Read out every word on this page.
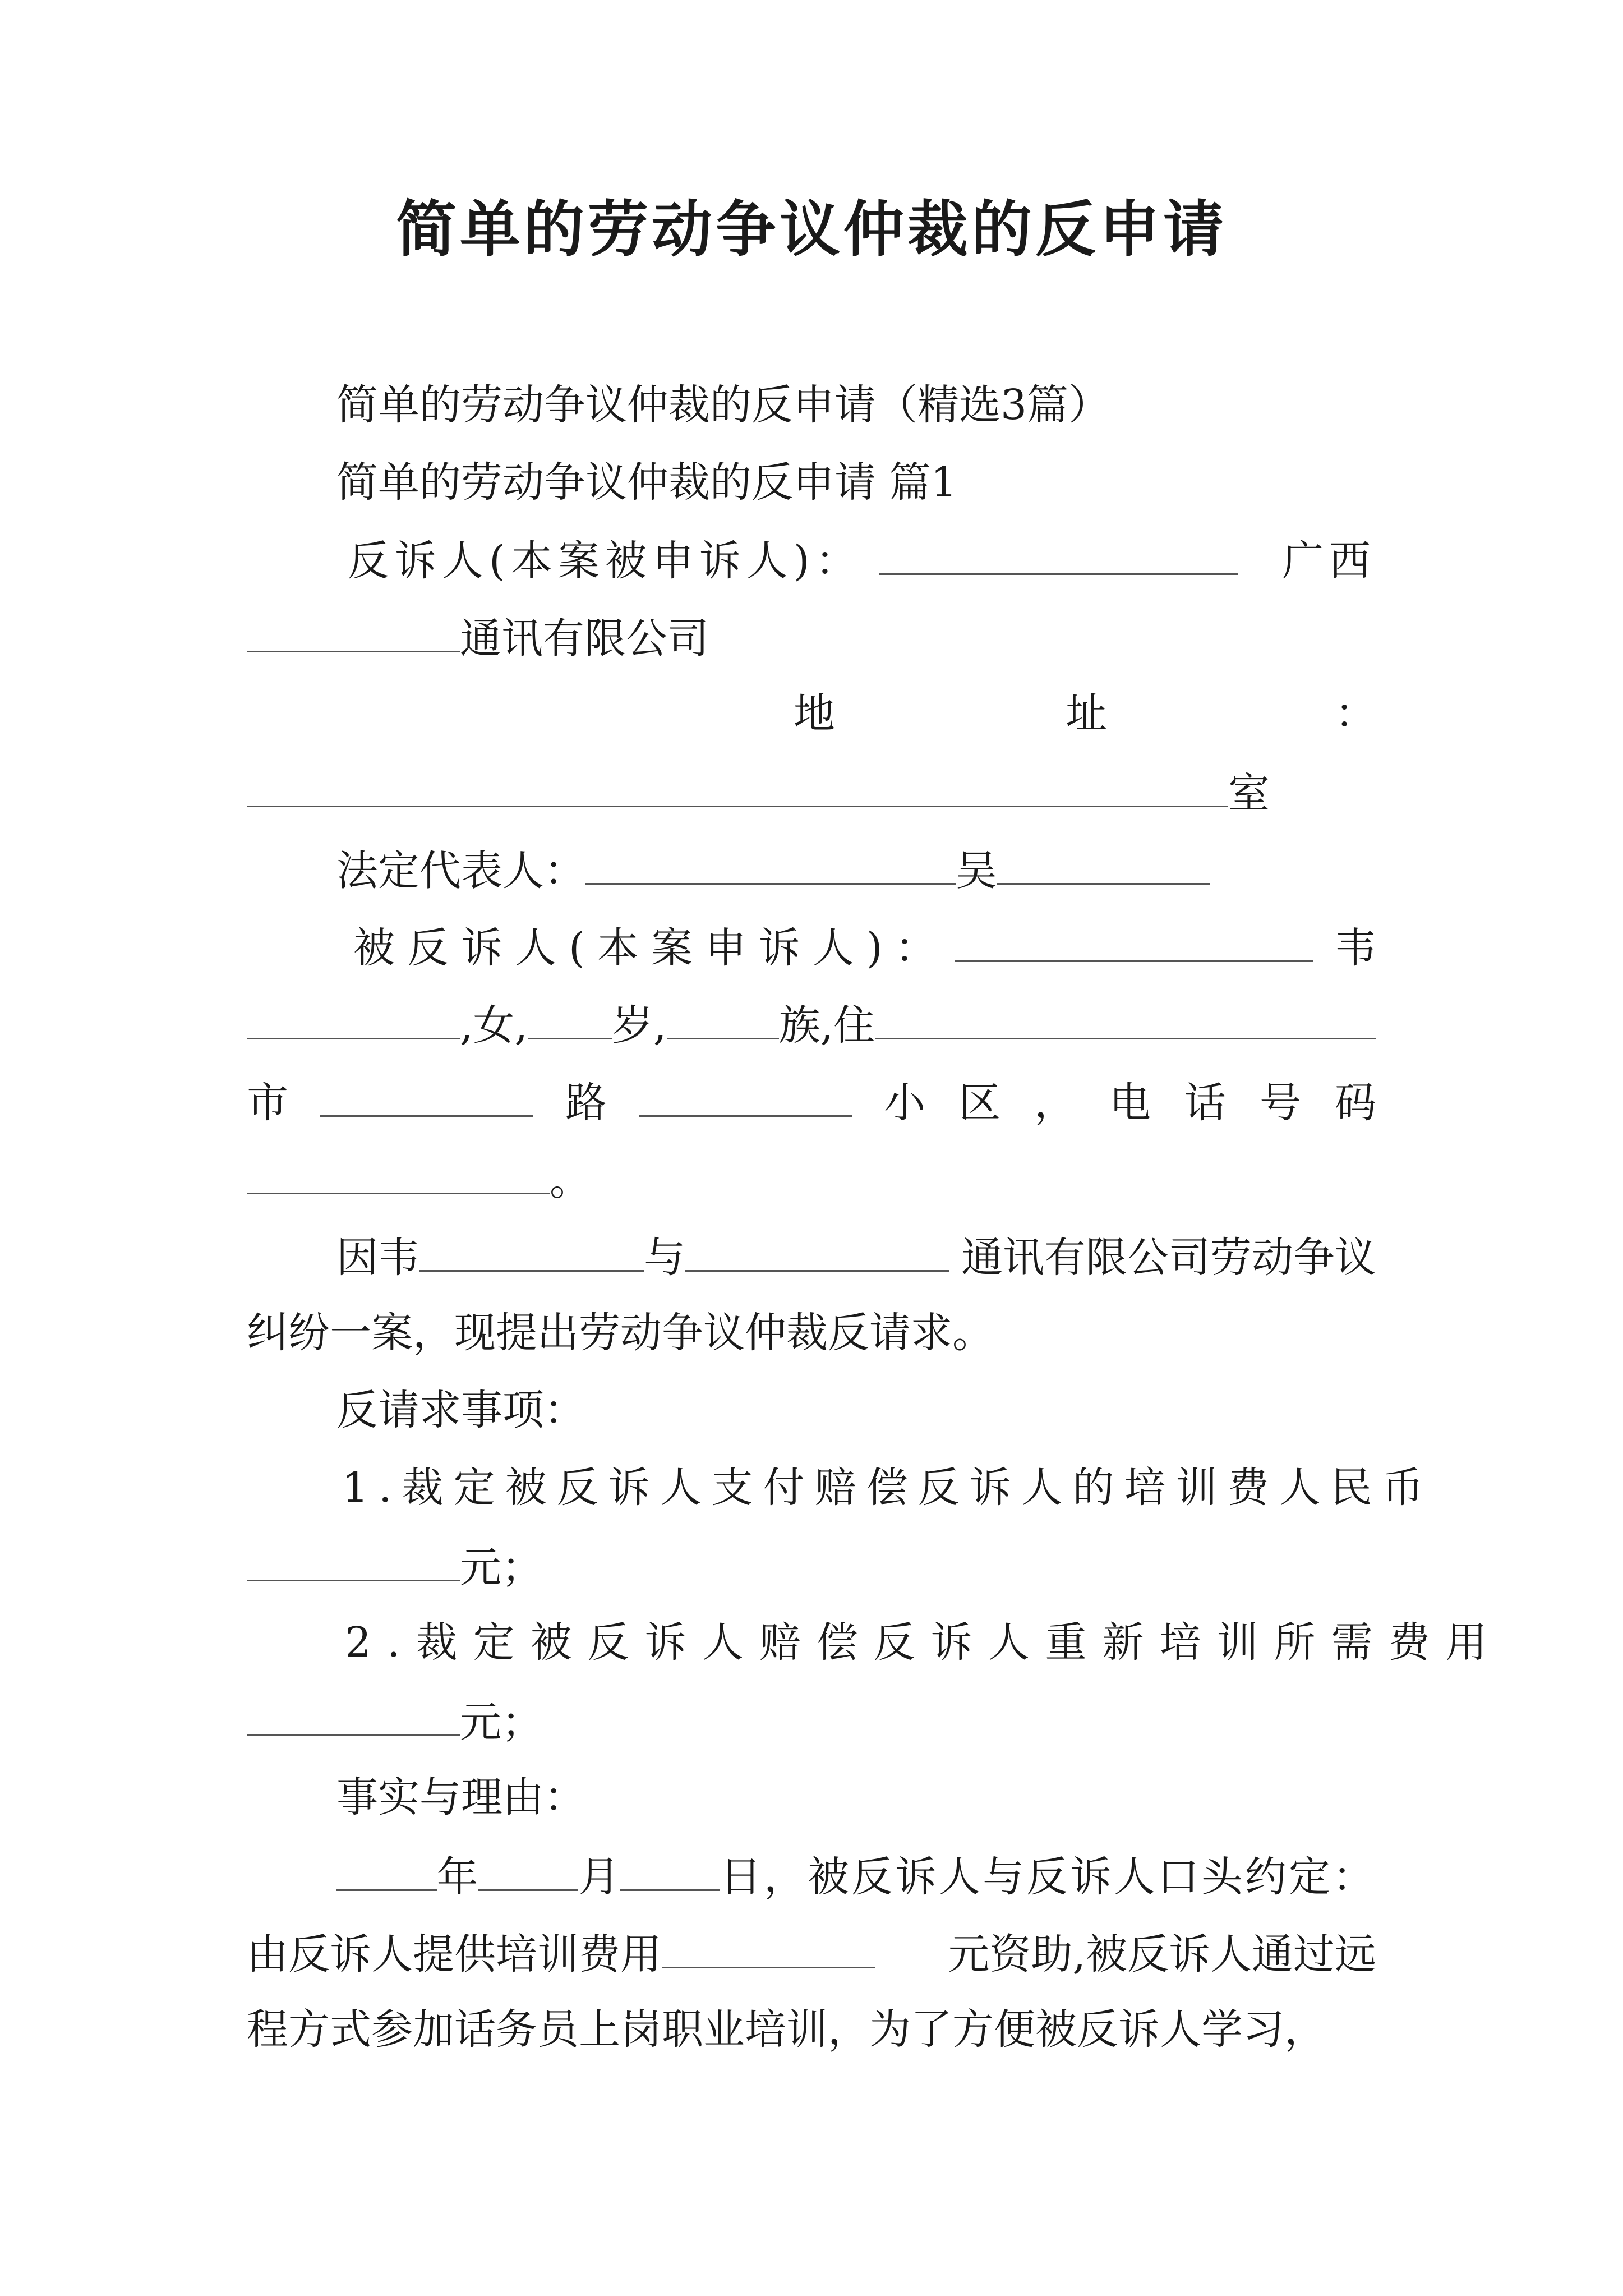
简单的劳动争议仲裁的反申请

简单的劳动争议仲裁的反申请（精选3篇）

简单的劳动争议仲裁的反申请 篇1

反诉人(本案被申诉人)：	广西
通讯有限公司
地	址	：
室
法定代表人：	吴
被反诉人(本案申诉人)：	韦
,女, 岁,	族,住
市	路	小区，电话号码
。
因韦	与	通讯有限公司劳动争议

纠纷一案，现提出劳动争议仲裁反请求。

反请求事项：

1.裁定被反诉人支付赔偿反诉人的培训费人民币

元；

2.裁定被反诉人赔偿反诉人重新培训所需费用

元；

事实与理由：

年 月 日，被反诉人与反诉人口头约定：
由反诉人提供培训费用	元资助,被反诉人通过远

程方式参加话务员上岗职业培训，为了方便被反诉人学习，
